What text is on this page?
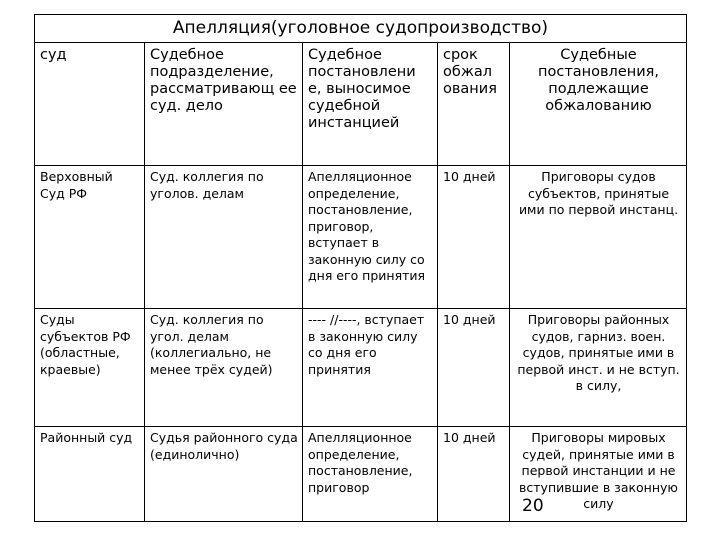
Апелляция(уголовное судопроизводство)				
суд	Судебное подразделение, рассматривающ ее суд. дело	Судебное постановлени е, выносимое судебной инстанцией	срок обжал ования	Судебные постановления, подлежащие обжалованию
Верховный Суд РФ	Суд. коллегия по уголов. делам	Апелляционное определение, постановление, приговор, вступает в законную силу со дня его принятия	10 дней	Приговоры судов субъектов, принятые ими по первой инстанц.
Суды субъектов РФ (областные, краевые)	Суд. коллегия по угол. делам (коллегиально, не менее трёх судей)	---- //----, вступает в законную силу со дня его принятия	10 дней	Приговоры районных судов, гарниз. воен. судов, принятые ими в первой инст. и не вступ. в силу,
Районный суд	Судья районного суда (единолично)	Апелляционное определение, постановление, приговор	10 дней	Приговоры мировых судей, принятые ими в первой инстанции и не вступившие в законную силу
20
